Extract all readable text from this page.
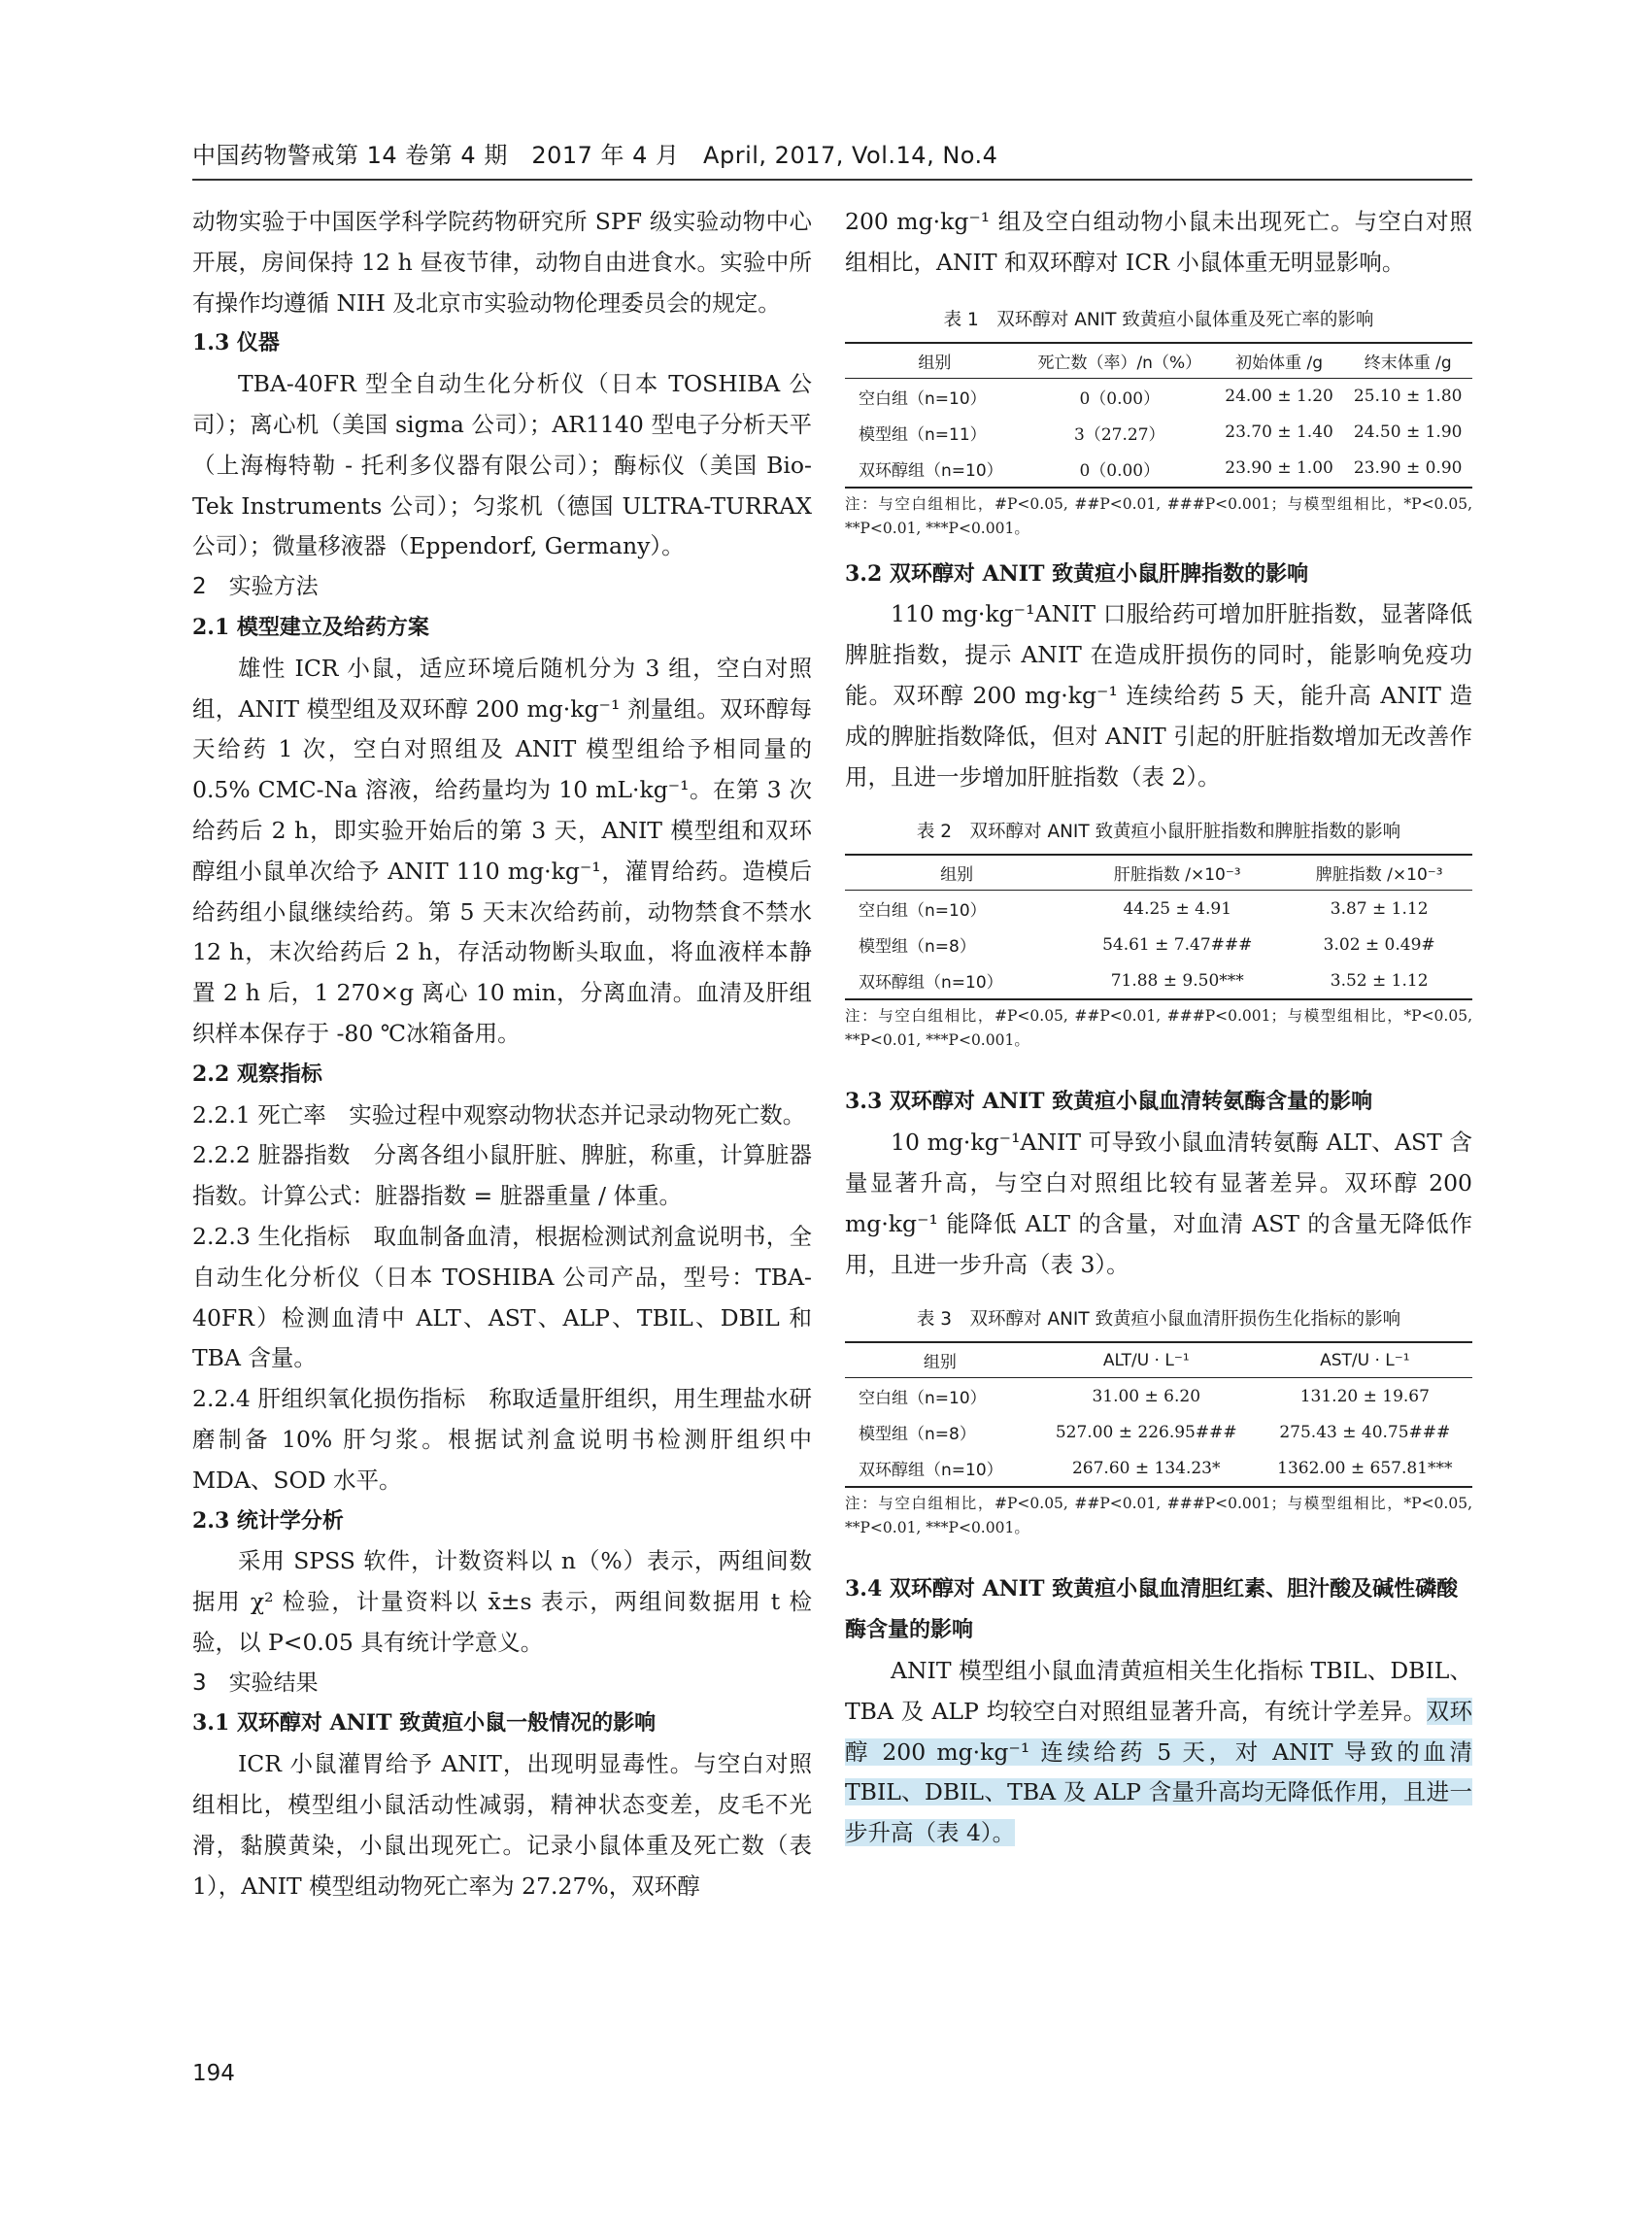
中国药物警戒第 14 卷第 4 期　2017 年 4 月　April, 2017, Vol.14, No.4

动物实验于中国医学科学院药物研究所 SPF 级实验动物中心开展，房间保持 12 h 昼夜节律，动物自由进食水。实验中所有操作均遵循 NIH 及北京市实验动物伦理委员会的规定。

1.3 仪器

TBA-40FR 型全自动生化分析仪（日本 TOSHIBA 公司）；离心机（美国 sigma 公司）；AR1140 型电子分析天平（上海梅特勒 - 托利多仪器有限公司）；酶标仪（美国 Bio-Tek Instruments 公司）；匀浆机（德国 ULTRA-TURRAX 公司）；微量移液器（Eppendorf, Germany）。

2　实验方法
2.1 模型建立及给药方案

雄性 ICR 小鼠，适应环境后随机分为 3 组，空白对照组，ANIT 模型组及双环醇 200 mg·kg⁻¹ 剂量组。双环醇每天给药 1 次，空白对照组及 ANIT 模型组给予相同量的 0.5% CMC-Na 溶液，给药量均为 10 mL·kg⁻¹。在第 3 次给药后 2 h，即实验开始后的第 3 天，ANIT 模型组和双环醇组小鼠单次给予 ANIT 110 mg·kg⁻¹，灌胃给药。造模后给药组小鼠继续给药。第 5 天末次给药前，动物禁食不禁水 12 h，末次给药后 2 h，存活动物断头取血，将血液样本静置 2 h 后，1 270×g 离心 10 min，分离血清。血清及肝组织样本保存于 -80 ℃冰箱备用。

2.2 观察指标

2.2.1 死亡率　实验过程中观察动物状态并记录动物死亡数。

2.2.2 脏器指数　分离各组小鼠肝脏、脾脏，称重，计算脏器指数。计算公式：脏器指数 = 脏器重量 / 体重。

2.2.3 生化指标　取血制备血清，根据检测试剂盒说明书，全自动生化分析仪（日本 TOSHIBA 公司产品，型号：TBA-40FR）检测血清中 ALT、AST、ALP、TBIL、DBIL 和 TBA 含量。

2.2.4 肝组织氧化损伤指标　称取适量肝组织，用生理盐水研磨制备 10% 肝匀浆。根据试剂盒说明书检测肝组织中 MDA、SOD 水平。

2.3 统计学分析

采用 SPSS 软件，计数资料以 n（%）表示，两组间数据用 χ² 检验，计量资料以 x̄±s 表示，两组间数据用 t 检验，以 P<0.05 具有统计学意义。

3　实验结果
3.1 双环醇对 ANIT 致黄疸小鼠一般情况的影响

ICR 小鼠灌胃给予 ANIT，出现明显毒性。与空白对照组相比，模型组小鼠活动性减弱，精神状态变差，皮毛不光滑，黏膜黄染，小鼠出现死亡。记录小鼠体重及死亡数（表 1），ANIT 模型组动物死亡率为 27.27%，双环醇

200 mg·kg⁻¹ 组及空白组动物小鼠未出现死亡。与空白对照组相比，ANIT 和双环醇对 ICR 小鼠体重无明显影响。

表 1　双环醇对 ANIT 致黄疸小鼠体重及死亡率的影响
组别	死亡数（率）/n（%）	初始体重 /g	终末体重 /g
空白组（n=10）	0（0.00）	24.00 ± 1.20	25.10 ± 1.80
模型组（n=11）	3（27.27）	23.70 ± 1.40	24.50 ± 1.90
双环醇组（n=10）	0（0.00）	23.90 ± 1.00	23.90 ± 0.90

注：与空白组相比，#P<0.05, ##P<0.01, ###P<0.001；与模型组相比，*P<0.05, **P<0.01, ***P<0.001。

3.2 双环醇对 ANIT 致黄疸小鼠肝脾指数的影响

110 mg·kg⁻¹ANIT 口服给药可增加肝脏指数，显著降低脾脏指数，提示 ANIT 在造成肝损伤的同时，能影响免疫功能。双环醇 200 mg·kg⁻¹ 连续给药 5 天，能升高 ANIT 造成的脾脏指数降低，但对 ANIT 引起的肝脏指数增加无改善作用，且进一步增加肝脏指数（表 2）。

表 2　双环醇对 ANIT 致黄疸小鼠肝脏指数和脾脏指数的影响
组别	肝脏指数 /×10⁻³	脾脏指数 /×10⁻³
空白组（n=10）	44.25 ± 4.91	3.87 ± 1.12
模型组（n=8）	54.61 ± 7.47###	3.02 ± 0.49#
双环醇组（n=10）	71.88 ± 9.50***	3.52 ± 1.12

注：与空白组相比，#P<0.05, ##P<0.01, ###P<0.001；与模型组相比，*P<0.05, **P<0.01, ***P<0.001。

3.3 双环醇对 ANIT 致黄疸小鼠血清转氨酶含量的影响

10 mg·kg⁻¹ANIT 可导致小鼠血清转氨酶 ALT、AST 含量显著升高，与空白对照组比较有显著差异。双环醇 200 mg·kg⁻¹ 能降低 ALT 的含量，对血清 AST 的含量无降低作用，且进一步升高（表 3）。

表 3　双环醇对 ANIT 致黄疸小鼠血清肝损伤生化指标的影响
组别	ALT/U · L⁻¹	AST/U · L⁻¹
空白组（n=10）	31.00 ± 6.20	131.20 ± 19.67
模型组（n=8）	527.00 ± 226.95###	275.43 ± 40.75###
双环醇组（n=10）	267.60 ± 134.23*	1362.00 ± 657.81***

注：与空白组相比，#P<0.05, ##P<0.01, ###P<0.001；与模型组相比，*P<0.05, **P<0.01, ***P<0.001。

3.4 双环醇对 ANIT 致黄疸小鼠血清胆红素、胆汁酸及碱性磷酸酶含量的影响

ANIT 模型组小鼠血清黄疸相关生化指标 TBIL、DBIL、TBA 及 ALP 均较空白对照组显著升高，有统计学差异。双环醇 200 mg·kg⁻¹ 连续给药 5 天，对 ANIT 导致的血清 TBIL、DBIL、TBA 及 ALP 含量升高均无降低作用，且进一步升高（表 4）。

194
